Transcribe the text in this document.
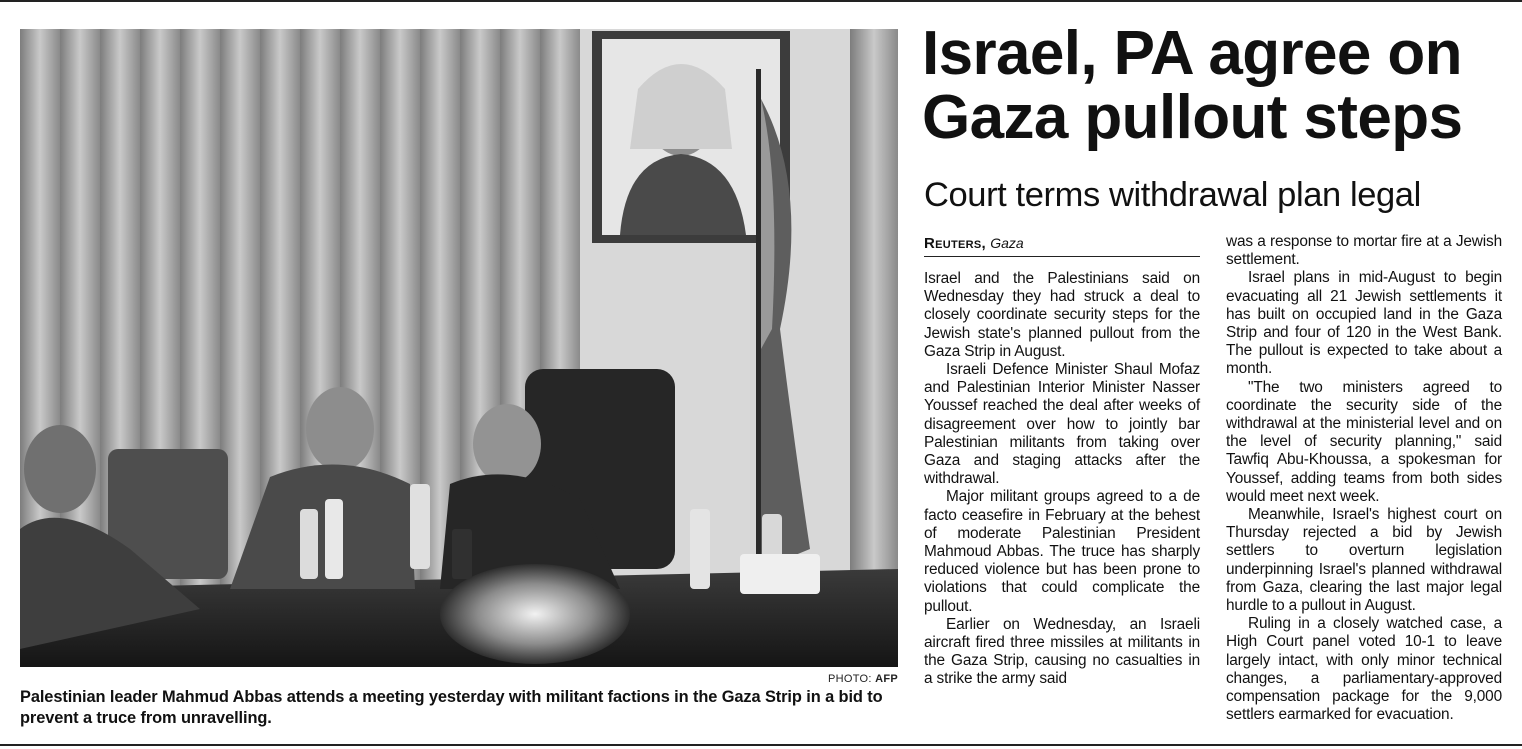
PHOTO: AFP
Palestinian leader Mahmud Abbas attends a meeting yesterday with militant factions in the Gaza Strip in a bid to prevent a truce from unravelling.
Israel, PA agree on Gaza pullout steps
Court terms withdrawal plan legal
Reuters, Gaza

Israel and the Palestinians said on Wednesday they had struck a deal to closely coordinate security steps for the Jewish state's planned pullout from the Gaza Strip in August.

Israeli Defence Minister Shaul Mofaz and Palestinian Interior Minister Nasser Youssef reached the deal after weeks of disagreement over how to jointly bar Palestinian militants from taking over Gaza and staging attacks after the withdrawal.

Major militant groups agreed to a de facto ceasefire in February at the behest of moderate Palestinian President Mahmoud Abbas. The truce has sharply reduced violence but has been prone to violations that could complicate the pullout.

Earlier on Wednesday, an Israeli aircraft fired three missiles at militants in the Gaza Strip, causing no casualties in a strike the army said

was a response to mortar fire at a Jewish settlement.

Israel plans in mid-August to begin evacuating all 21 Jewish settlements it has built on occupied land in the Gaza Strip and four of 120 in the West Bank. The pullout is expected to take about a month.

"The two ministers agreed to coordinate the security side of the withdrawal at the ministerial level and on the level of security planning," said Tawfiq Abu-Khoussa, a spokesman for Youssef, adding teams from both sides would meet next week.

Meanwhile, Israel's highest court on Thursday rejected a bid by Jewish settlers to overturn legislation underpinning Israel's planned withdrawal from Gaza, clearing the last major legal hurdle to a pullout in August.

Ruling in a closely watched case, a High Court panel voted 10-1 to leave largely intact, with only minor technical changes, a parliamentary-approved compensation package for the 9,000 settlers earmarked for evacuation.
